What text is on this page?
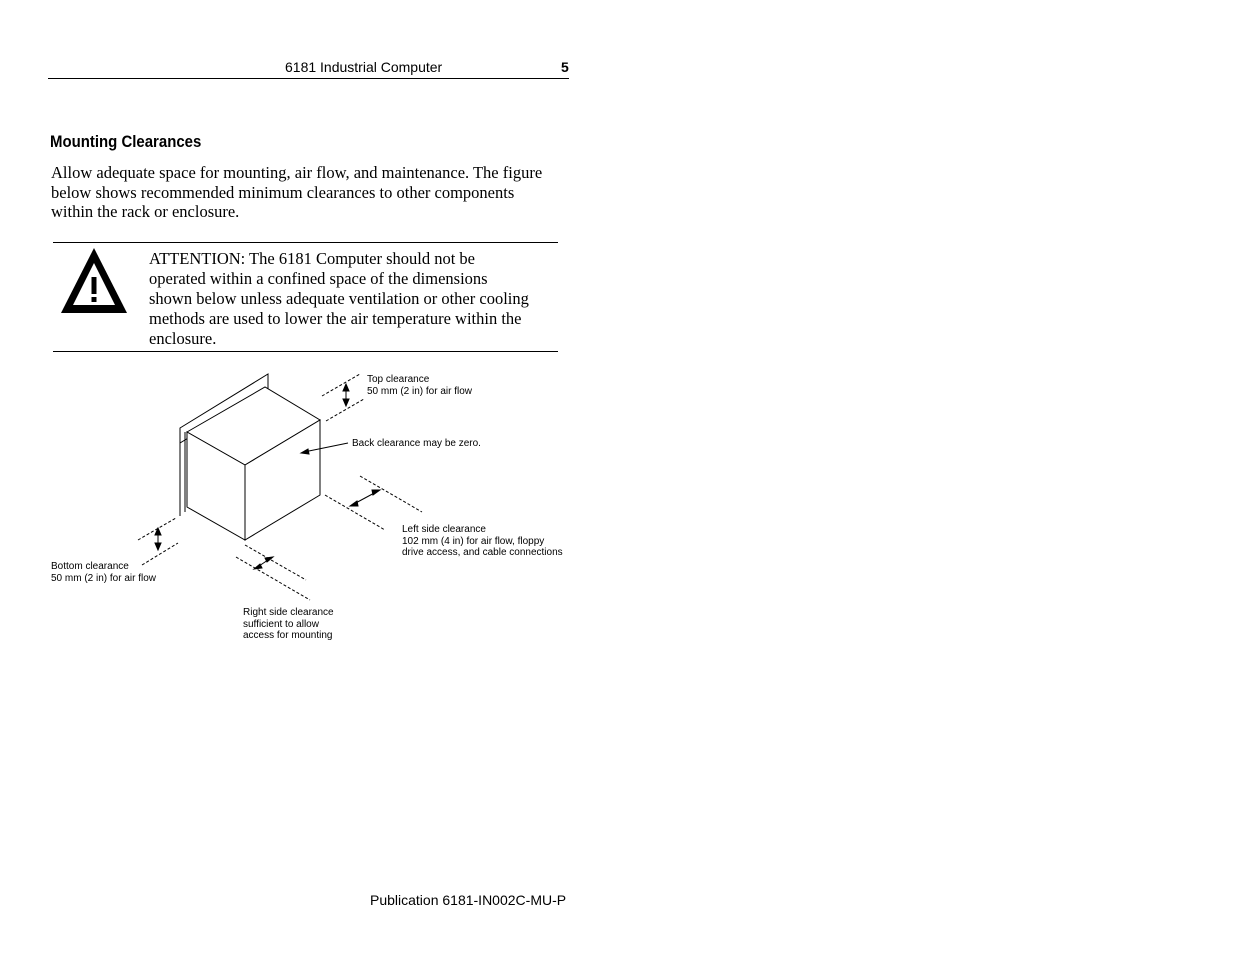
6181 Industrial Computer	5
Mounting Clearances
Allow adequate space for mounting, air flow, and maintenance. The figure
below shows recommended minimum clearances to other components
within the rack or enclosure.
ATTENTION: The 6181 Computer should not be
operated within a confined space of the dimensions
shown below unless adequate ventilation or other cooling
methods are used to lower the air temperature within the
enclosure.
Top clearance
50 mm (2 in) for air flow
Back clearance may be zero.
Left side clearance
102 mm (4 in) for air flow, floppy
drive access, and cable connections
Bottom clearance
50 mm (2 in) for air flow
Right side clearance
sufficient to allow
access for mounting
Publication 6181-IN002C-MU-P
